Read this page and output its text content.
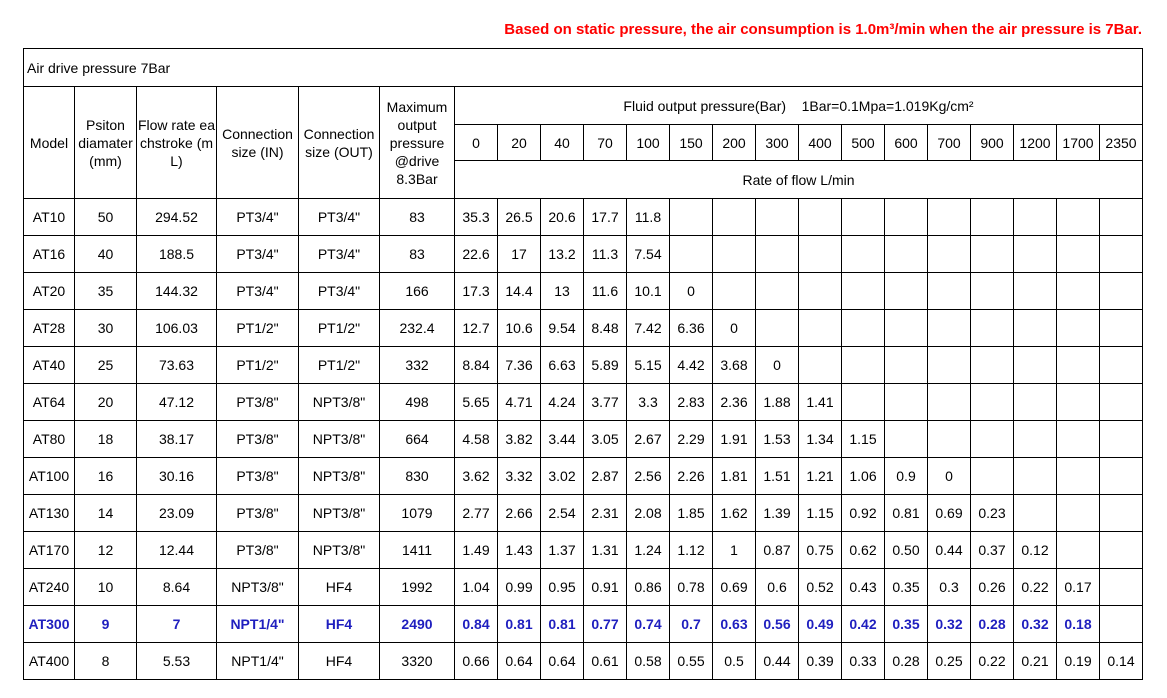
Based on static pressure, the air consumption is 1.0m³/min when the air pressure is 7Bar.
Air drive pressure 7Bar																					
Model	Psiton diamater (mm)	Flow rate eachstroke (mL)	Connection size (IN)	Connection size (OUT)	Maximum output pressure @drive 8.3Bar	Fluid output pressure(Bar)    1Bar=0.1Mpa=1.019Kg/cm²															
						0	20	40	70	100	150	200	300	400	500	600	700	900	1200	1700	2350
						Rate of flow L/min															
AT10	50	294.52	PT3/4"	PT3/4"	83	35.3	26.5	20.6	17.7	11.8											
AT16	40	188.5	PT3/4"	PT3/4"	83	22.6	17	13.2	11.3	7.54											
AT20	35	144.32	PT3/4"	PT3/4"	166	17.3	14.4	13	11.6	10.1	0										
AT28	30	106.03	PT1/2"	PT1/2"	232.4	12.7	10.6	9.54	8.48	7.42	6.36	0									
AT40	25	73.63	PT1/2"	PT1/2"	332	8.84	7.36	6.63	5.89	5.15	4.42	3.68	0								
AT64	20	47.12	PT3/8"	NPT3/8"	498	5.65	4.71	4.24	3.77	3.3	2.83	2.36	1.88	1.41							
AT80	18	38.17	PT3/8"	NPT3/8"	664	4.58	3.82	3.44	3.05	2.67	2.29	1.91	1.53	1.34	1.15						
AT100	16	30.16	PT3/8"	NPT3/8"	830	3.62	3.32	3.02	2.87	2.56	2.26	1.81	1.51	1.21	1.06	0.9	0				
AT130	14	23.09	PT3/8"	NPT3/8"	1079	2.77	2.66	2.54	2.31	2.08	1.85	1.62	1.39	1.15	0.92	0.81	0.69	0.23			
AT170	12	12.44	PT3/8"	NPT3/8"	1411	1.49	1.43	1.37	1.31	1.24	1.12	1	0.87	0.75	0.62	0.50	0.44	0.37	0.12		
AT240	10	8.64	NPT3/8"	HF4	1992	1.04	0.99	0.95	0.91	0.86	0.78	0.69	0.6	0.52	0.43	0.35	0.3	0.26	0.22	0.17	
AT300	9	7	NPT1/4"	HF4	2490	0.84	0.81	0.81	0.77	0.74	0.7	0.63	0.56	0.49	0.42	0.35	0.32	0.28	0.32	0.18	
AT400	8	5.53	NPT1/4"	HF4	3320	0.66	0.64	0.64	0.61	0.58	0.55	0.5	0.44	0.39	0.33	0.28	0.25	0.22	0.21	0.19	0.14
